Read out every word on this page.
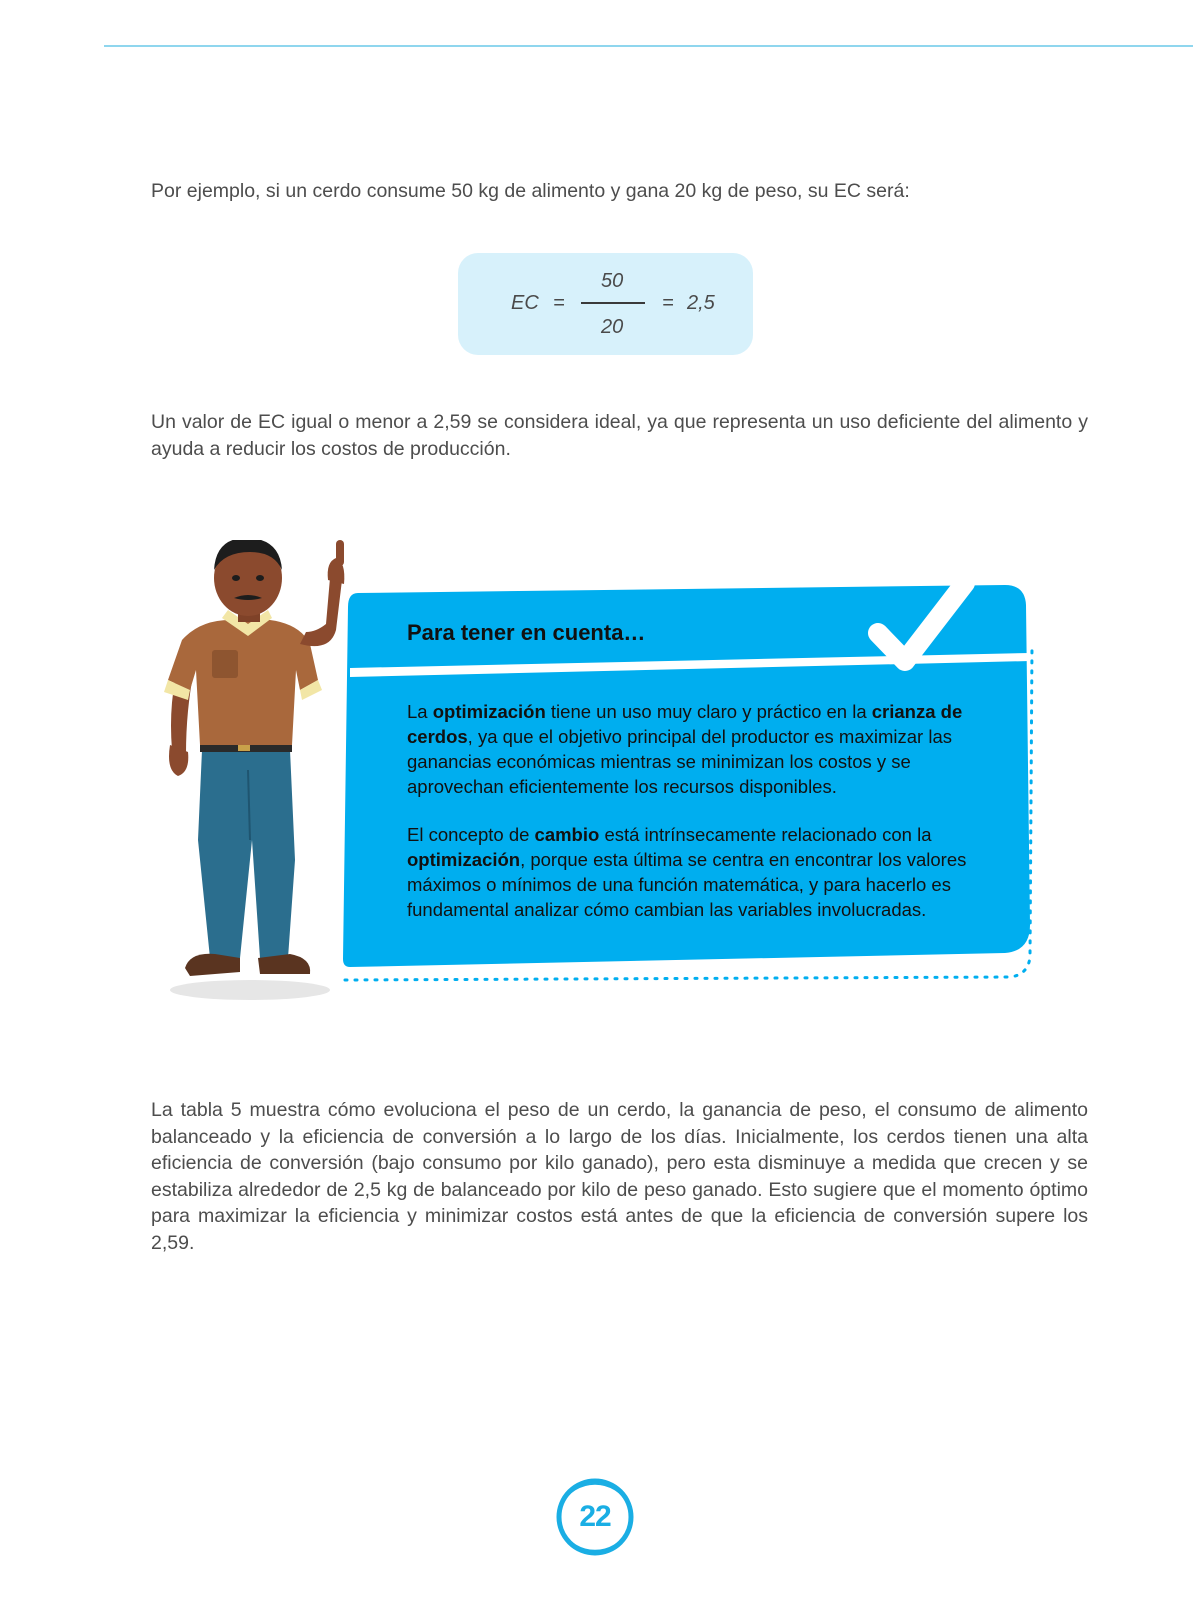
Por ejemplo, si un cerdo consume 50 kg de alimento y gana 20 kg de peso, su EC será:

EC =
50
20
= 2,5

Un valor de EC igual o menor a 2,59 se considera ideal, ya que representa un uso deficiente del alimento y ayuda a reducir los costos de producción.

Para tener en cuenta…

La optimización tiene un uso muy claro y práctico en la crianza de cerdos, ya que el objetivo principal del productor es maximizar las ganancias económicas mientras se minimizan los costos y se aprovechan eficientemente los recursos disponibles.

El concepto de cambio está intrínsecamente relacionado con la optimización, porque esta última se centra en encontrar los valores máximos o mínimos de una función matemática, y para hacerlo es fundamental analizar cómo cambian las variables involucradas.

La tabla 5 muestra cómo evoluciona el peso de un cerdo, la ganancia de peso, el consumo de alimento balanceado y la eficiencia de conversión a lo largo de los días. Inicialmente, los cerdos tienen una alta eficiencia de conversión (bajo consumo por kilo ganado), pero esta disminuye a medida que crecen y se estabiliza alrededor de 2,5 kg de balanceado por kilo de peso ganado. Esto sugiere que el momento óptimo para maximizar la eficiencia y minimizar costos está antes de que la eficiencia de conversión supere los 2,59.

22
